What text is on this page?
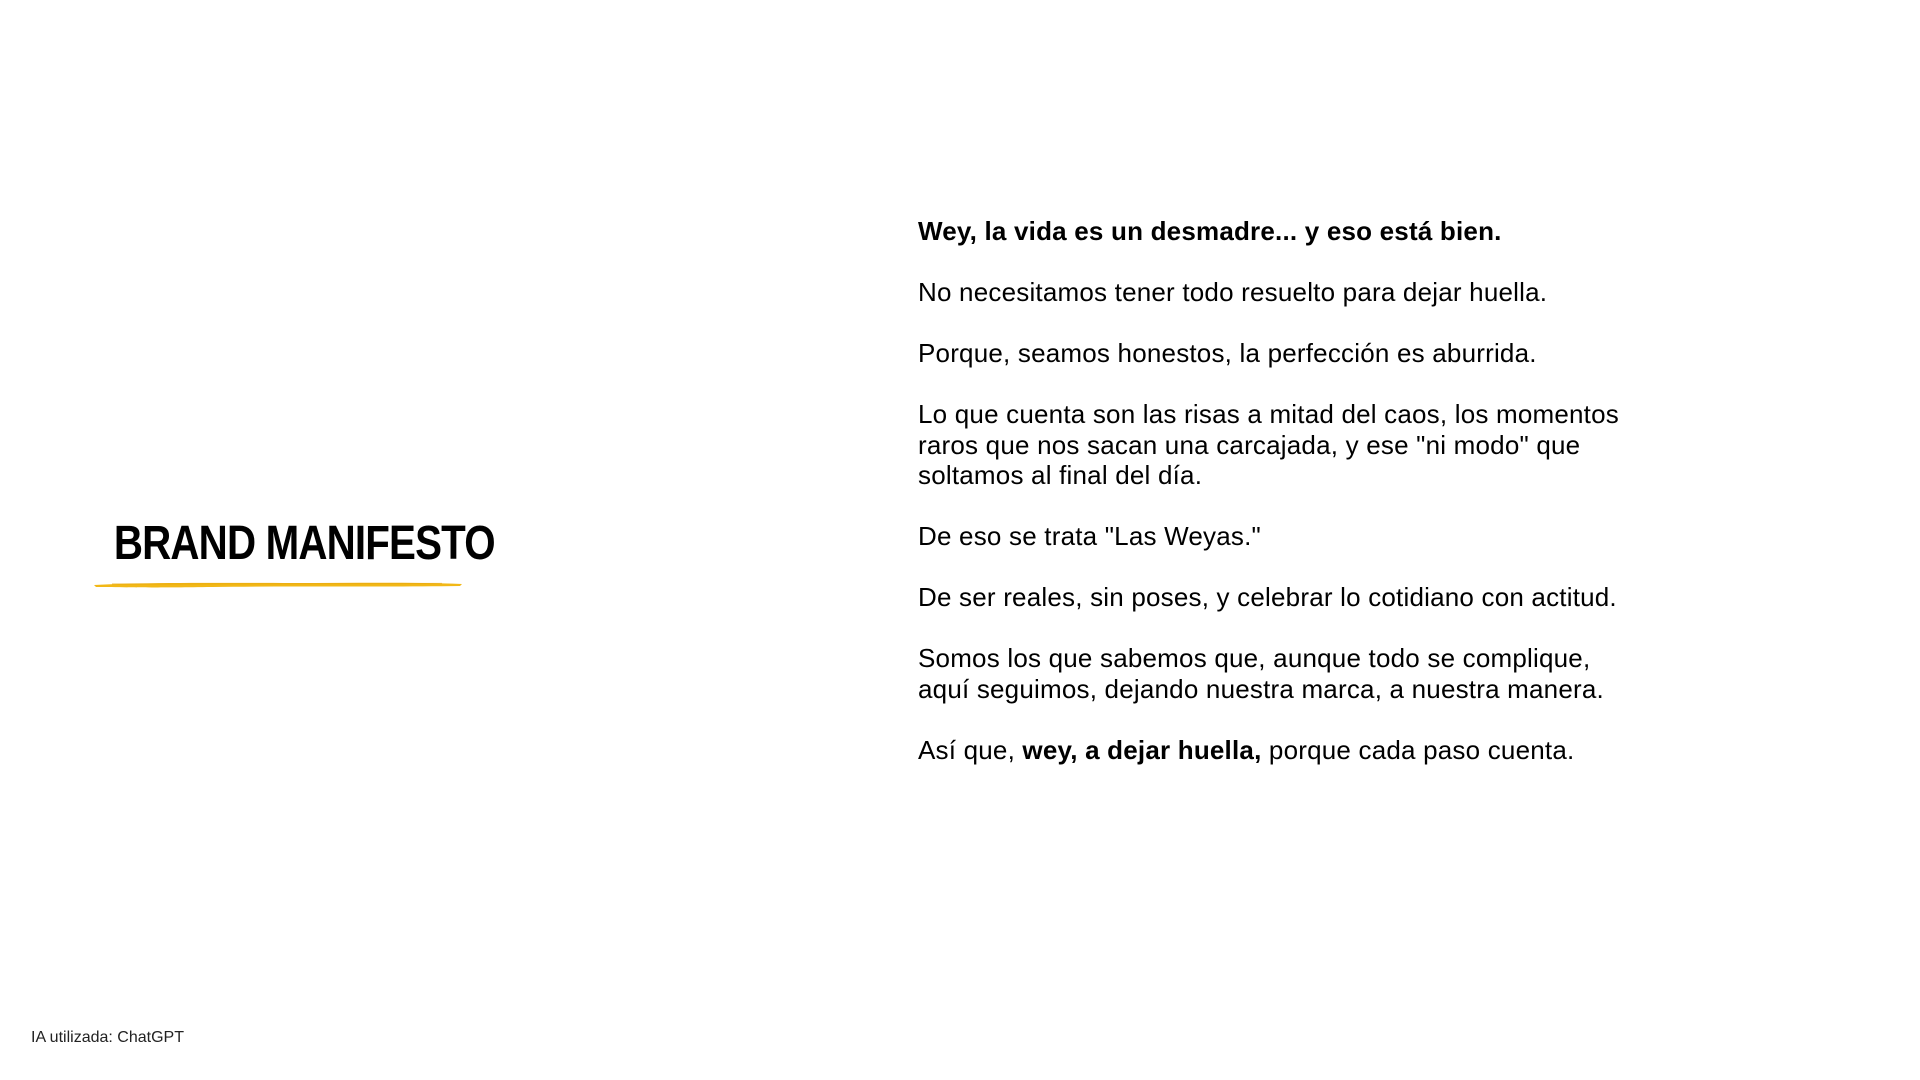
BRAND MANIFESTO

Wey, la vida es un desmadre... y eso está bien.

No necesitamos tener todo resuelto para dejar huella.

Porque, seamos honestos, la perfección es aburrida.

Lo que cuenta son las risas a mitad del caos, los momentos raros que nos sacan una carcajada, y ese "ni modo" que soltamos al final del día.

De eso se trata "Las Weyas."

De ser reales, sin poses, y celebrar lo cotidiano con actitud.

Somos los que sabemos que, aunque todo se complique, aquí seguimos, dejando nuestra marca, a nuestra manera.

Así que, wey, a dejar huella, porque cada paso cuenta.

IA utilizada: ChatGPT
